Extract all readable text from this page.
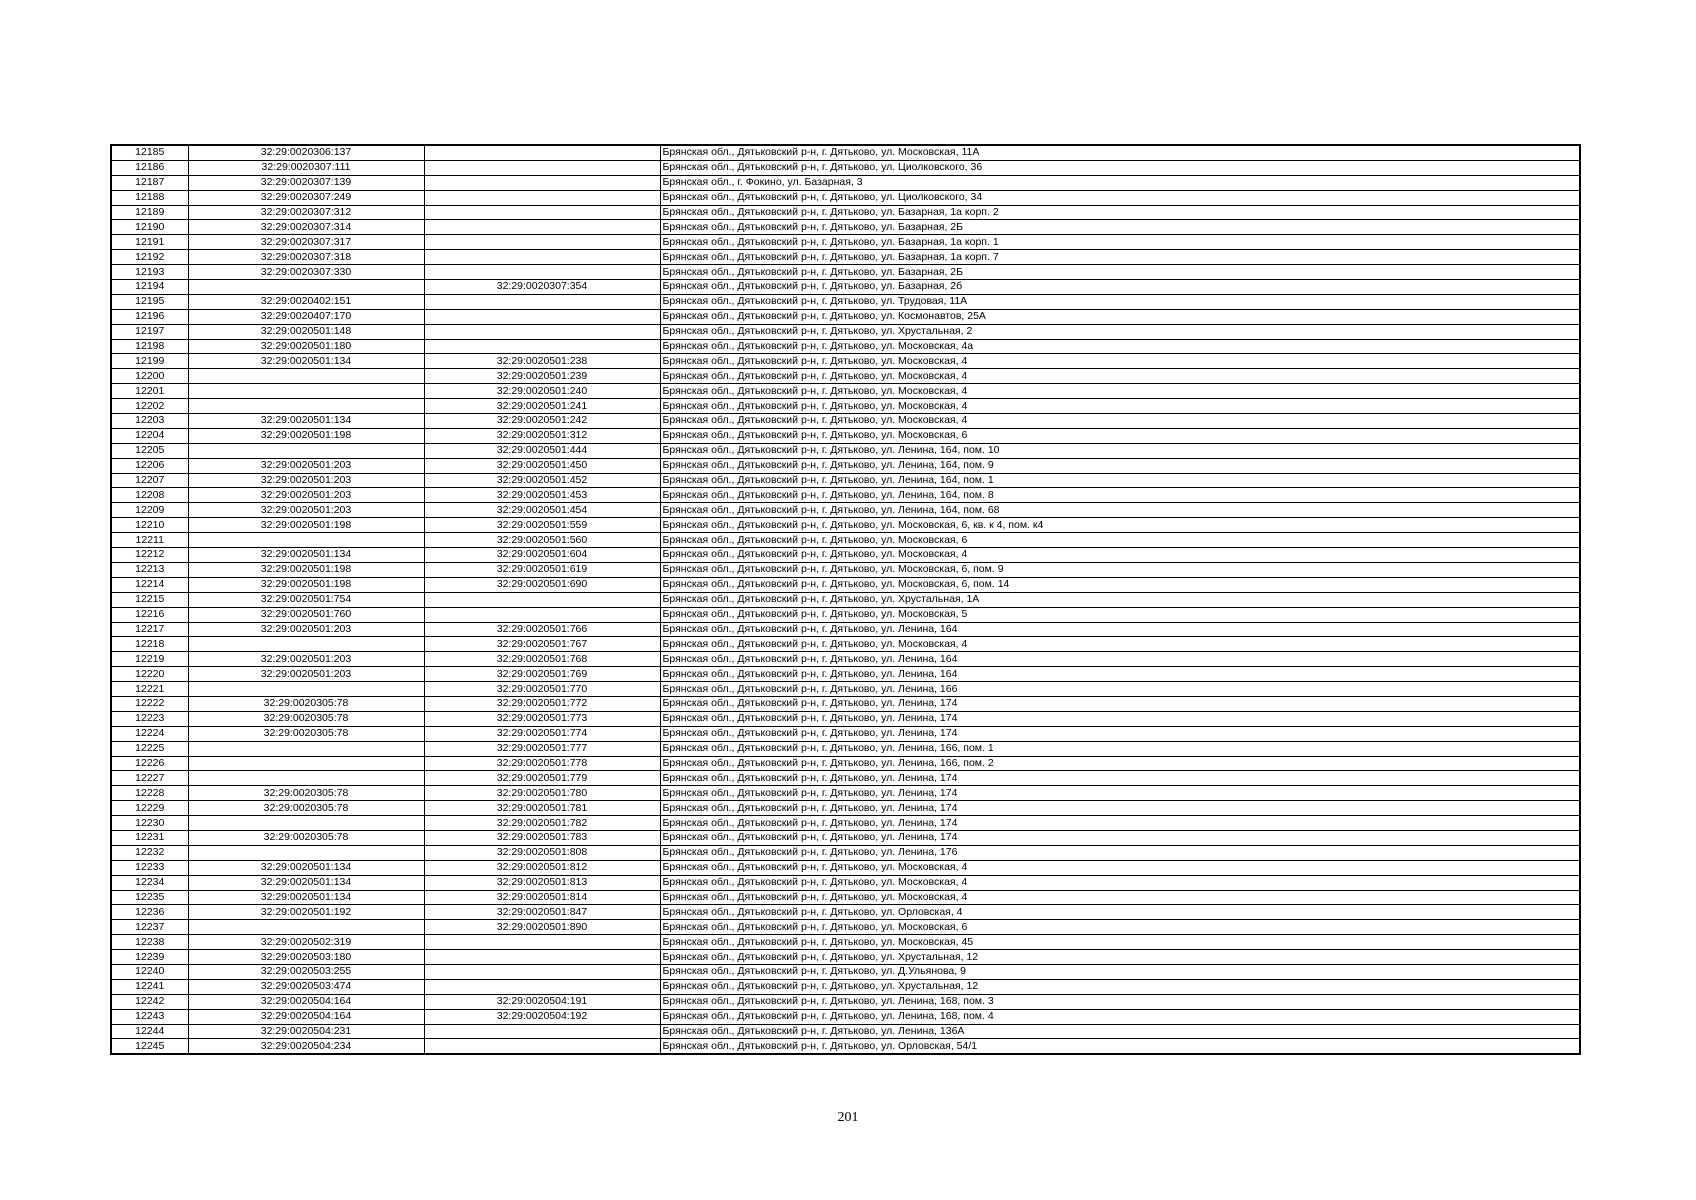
12185	32:29:0020306:137		Брянская обл., Дятьковский р-н, г. Дятьково, ул. Московская, 11А
12186	32:29:0020307:111		Брянская обл., Дятьковский р-н, г. Дятьково, ул. Циолковского, 36
12187	32:29:0020307:139		Брянская обл., г. Фокино, ул. Базарная, 3
12188	32:29:0020307:249		Брянская обл., Дятьковский р-н, г. Дятьково, ул. Циолковского, 34
12189	32:29:0020307:312		Брянская обл., Дятьковский р-н, г. Дятьково, ул. Базарная, 1а корп. 2
12190	32:29:0020307:314		Брянская обл., Дятьковский р-н, г. Дятьково, ул. Базарная, 2Б
12191	32:29:0020307:317		Брянская обл., Дятьковский р-н, г. Дятьково, ул. Базарная, 1а корп. 1
12192	32:29:0020307:318		Брянская обл., Дятьковский р-н, г. Дятьково, ул. Базарная, 1а корп. 7
12193	32:29:0020307:330		Брянская обл., Дятьковский р-н, г. Дятьково, ул. Базарная, 2Б
12194		32:29:0020307:354	Брянская обл., Дятьковский р-н, г. Дятьково, ул. Базарная, 2б
12195	32:29:0020402:151		Брянская обл., Дятьковский р-н, г. Дятьково, ул. Трудовая, 11А
12196	32:29:0020407:170		Брянская обл., Дятьковский р-н, г. Дятьково, ул. Космонавтов, 25А
12197	32:29:0020501:148		Брянская обл., Дятьковский р-н, г. Дятьково, ул. Хрустальная, 2
12198	32:29:0020501:180		Брянская обл., Дятьковский р-н, г. Дятьково, ул. Московская, 4а
12199	32:29:0020501:134	32:29:0020501:238	Брянская обл., Дятьковский р-н, г. Дятьково, ул. Московская, 4
12200		32:29:0020501:239	Брянская обл., Дятьковский р-н, г. Дятьково, ул. Московская, 4
12201		32:29:0020501:240	Брянская обл., Дятьковский р-н, г. Дятьково, ул. Московская, 4
12202		32:29:0020501:241	Брянская обл., Дятьковский р-н, г. Дятьково, ул. Московская, 4
12203	32:29:0020501:134	32:29:0020501:242	Брянская обл., Дятьковский р-н, г. Дятьково, ул. Московская, 4
12204	32:29:0020501:198	32:29:0020501:312	Брянская обл., Дятьковский р-н, г. Дятьково, ул. Московская, 6
12205		32:29:0020501:444	Брянская обл., Дятьковский р-н, г. Дятьково, ул. Ленина, 164, пом. 10
12206	32:29:0020501:203	32:29:0020501:450	Брянская обл., Дятьковский р-н, г. Дятьково, ул. Ленина, 164, пом. 9
12207	32:29:0020501:203	32:29:0020501:452	Брянская обл., Дятьковский р-н, г. Дятьково, ул. Ленина, 164, пом. 1
12208	32:29:0020501:203	32:29:0020501:453	Брянская обл., Дятьковский р-н, г. Дятьково, ул. Ленина, 164, пом. 8
12209	32:29:0020501:203	32:29:0020501:454	Брянская обл., Дятьковский р-н, г. Дятьково, ул. Ленина, 164, пом. 68
12210	32:29:0020501:198	32:29:0020501:559	Брянская обл., Дятьковский р-н, г. Дятьково, ул. Московская, 6, кв. к 4, пом. к4
12211		32:29:0020501:560	Брянская обл., Дятьковский р-н, г. Дятьково, ул. Московская, 6
12212	32:29:0020501:134	32:29:0020501:604	Брянская обл., Дятьковский р-н, г. Дятьково, ул. Московская, 4
12213	32:29:0020501:198	32:29:0020501:619	Брянская обл., Дятьковский р-н, г. Дятьково, ул. Московская, 6, пом. 9
12214	32:29:0020501:198	32:29:0020501:690	Брянская обл., Дятьковский р-н, г. Дятьково, ул. Московская, 6, пом. 14
12215	32:29:0020501:754		Брянская обл., Дятьковский р-н, г. Дятьково, ул. Хрустальная, 1А
12216	32:29:0020501:760		Брянская обл., Дятьковский р-н, г. Дятьково, ул. Московская, 5
12217	32:29:0020501:203	32:29:0020501:766	Брянская обл., Дятьковский р-н, г. Дятьково, ул. Ленина, 164
12218		32:29:0020501:767	Брянская обл., Дятьковский р-н, г. Дятьково, ул. Московская, 4
12219	32:29:0020501:203	32:29:0020501:768	Брянская обл., Дятьковский р-н, г. Дятьково, ул. Ленина, 164
12220	32:29:0020501:203	32:29:0020501:769	Брянская обл., Дятьковский р-н, г. Дятьково, ул. Ленина, 164
12221		32:29:0020501:770	Брянская обл., Дятьковский р-н, г. Дятьково, ул. Ленина, 166
12222	32:29:0020305:78	32:29:0020501:772	Брянская обл., Дятьковский р-н, г. Дятьково, ул. Ленина, 174
12223	32:29:0020305:78	32:29:0020501:773	Брянская обл., Дятьковский р-н, г. Дятьково, ул. Ленина, 174
12224	32:29:0020305:78	32:29:0020501:774	Брянская обл., Дятьковский р-н, г. Дятьково, ул. Ленина, 174
12225		32:29:0020501:777	Брянская обл., Дятьковский р-н, г. Дятьково, ул. Ленина, 166, пом. 1
12226		32:29:0020501:778	Брянская обл., Дятьковский р-н, г. Дятьково, ул. Ленина, 166, пом. 2
12227		32:29:0020501:779	Брянская обл., Дятьковский р-н, г. Дятьково, ул. Ленина, 174
12228	32:29:0020305:78	32:29:0020501:780	Брянская обл., Дятьковский р-н, г. Дятьково, ул. Ленина, 174
12229	32:29:0020305:78	32:29:0020501:781	Брянская обл., Дятьковский р-н, г. Дятьково, ул. Ленина, 174
12230		32:29:0020501:782	Брянская обл., Дятьковский р-н, г. Дятьково, ул. Ленина, 174
12231	32:29:0020305:78	32:29:0020501:783	Брянская обл., Дятьковский р-н, г. Дятьково, ул. Ленина, 174
12232		32:29:0020501:808	Брянская обл., Дятьковский р-н, г. Дятьково, ул. Ленина, 176
12233	32:29:0020501:134	32:29:0020501:812	Брянская обл., Дятьковский р-н, г. Дятьково, ул. Московская, 4
12234	32:29:0020501:134	32:29:0020501:813	Брянская обл., Дятьковский р-н, г. Дятьково, ул. Московская, 4
12235	32:29:0020501:134	32:29:0020501:814	Брянская обл., Дятьковский р-н, г. Дятьково, ул. Московская, 4
12236	32:29:0020501:192	32:29:0020501:847	Брянская обл., Дятьковский р-н, г. Дятьково, ул. Орловская, 4
12237		32:29:0020501:890	Брянская обл., Дятьковский р-н, г. Дятьково, ул. Московская, 6
12238	32:29:0020502:319		Брянская обл., Дятьковский р-н, г. Дятьково, ул. Московская, 45
12239	32:29:0020503:180		Брянская обл., Дятьковский р-н, г. Дятьково, ул. Хрустальная, 12
12240	32:29:0020503:255		Брянская обл., Дятьковский р-н, г. Дятьково, ул. Д.Ульянова, 9
12241	32:29:0020503:474		Брянская обл., Дятьковский р-н, г. Дятьково, ул. Хрустальная, 12
12242	32:29:0020504:164	32:29:0020504:191	Брянская обл., Дятьковский р-н, г. Дятьково, ул. Ленина, 168, пом. 3
12243	32:29:0020504:164	32:29:0020504:192	Брянская обл., Дятьковский р-н, г. Дятьково, ул. Ленина, 168, пом. 4
12244	32:29:0020504:231		Брянская обл., Дятьковский р-н, г. Дятьково, ул. Ленина, 136А
12245	32:29:0020504:234		Брянская обл., Дятьковский р-н, г. Дятьково, ул. Орловская, 54/1
201
